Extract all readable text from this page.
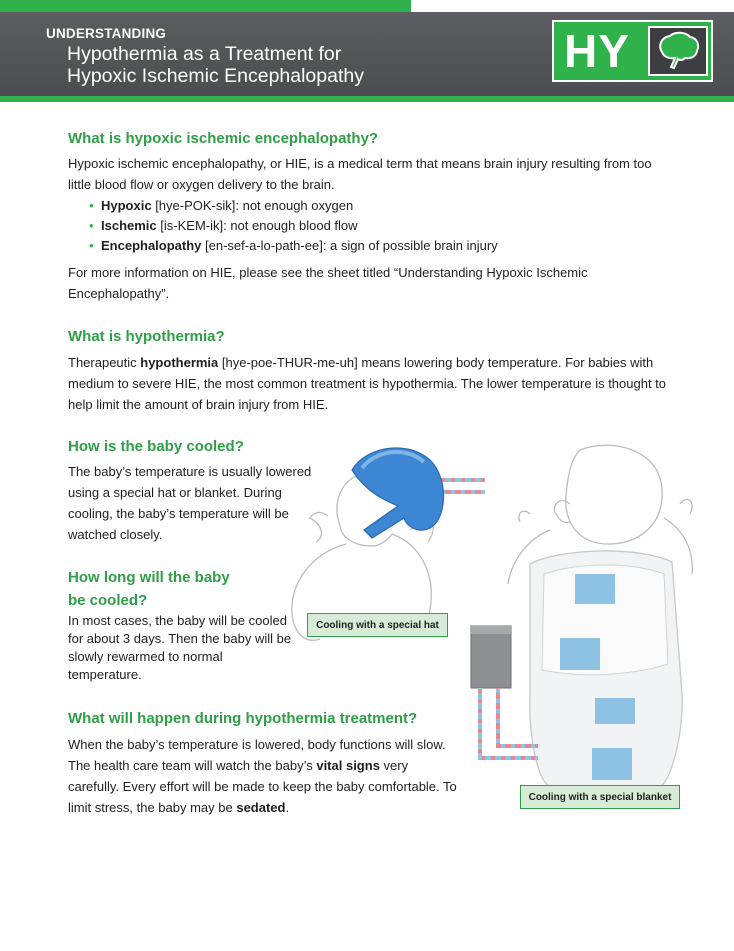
UNDERSTANDING
Hypothermia as a Treatment for
Hypoxic Ischemic Encephalopathy	HY
What is hypoxic ischemic encephalopathy?

Hypoxic ischemic encephalopathy, or HIE, is a medical term that means brain injury resulting from too little blood flow or oxygen delivery to the brain.

• Hypoxic [hye-POK-sik]: not enough oxygen
• Ischemic [is-KEM-ik]: not enough blood flow
• Encephalopathy [en-sef-a-lo-path-ee]: a sign of possible brain injury

For more information on HIE, please see the sheet titled “Understanding Hypoxic Ischemic Encephalopathy”.

What is hypothermia?

Therapeutic hypothermia [hye-poe-THUR-me-uh] means lowering body temperature. For babies with medium to severe HIE, the most common treatment is hypothermia. The lower temperature is thought to help limit the amount of brain injury from HIE.

How is the baby cooled?

The baby’s temperature is usually lowered using a special hat or blanket. During cooling, the baby’s temperature will be watched closely.

How long will the baby
be cooled?

In most cases, the baby will be cooled for about 3 days. Then the baby will be slowly rewarmed to normal temperature.

What will happen during hypothermia treatment?

When the baby’s temperature is lowered, body functions will slow. The health care team will watch the baby’s vital signs very carefully. Every effort will be made to keep the baby comfortable. To limit stress, the baby may be sedated.

Cooling with a special hat
Cooling with a special blanket
